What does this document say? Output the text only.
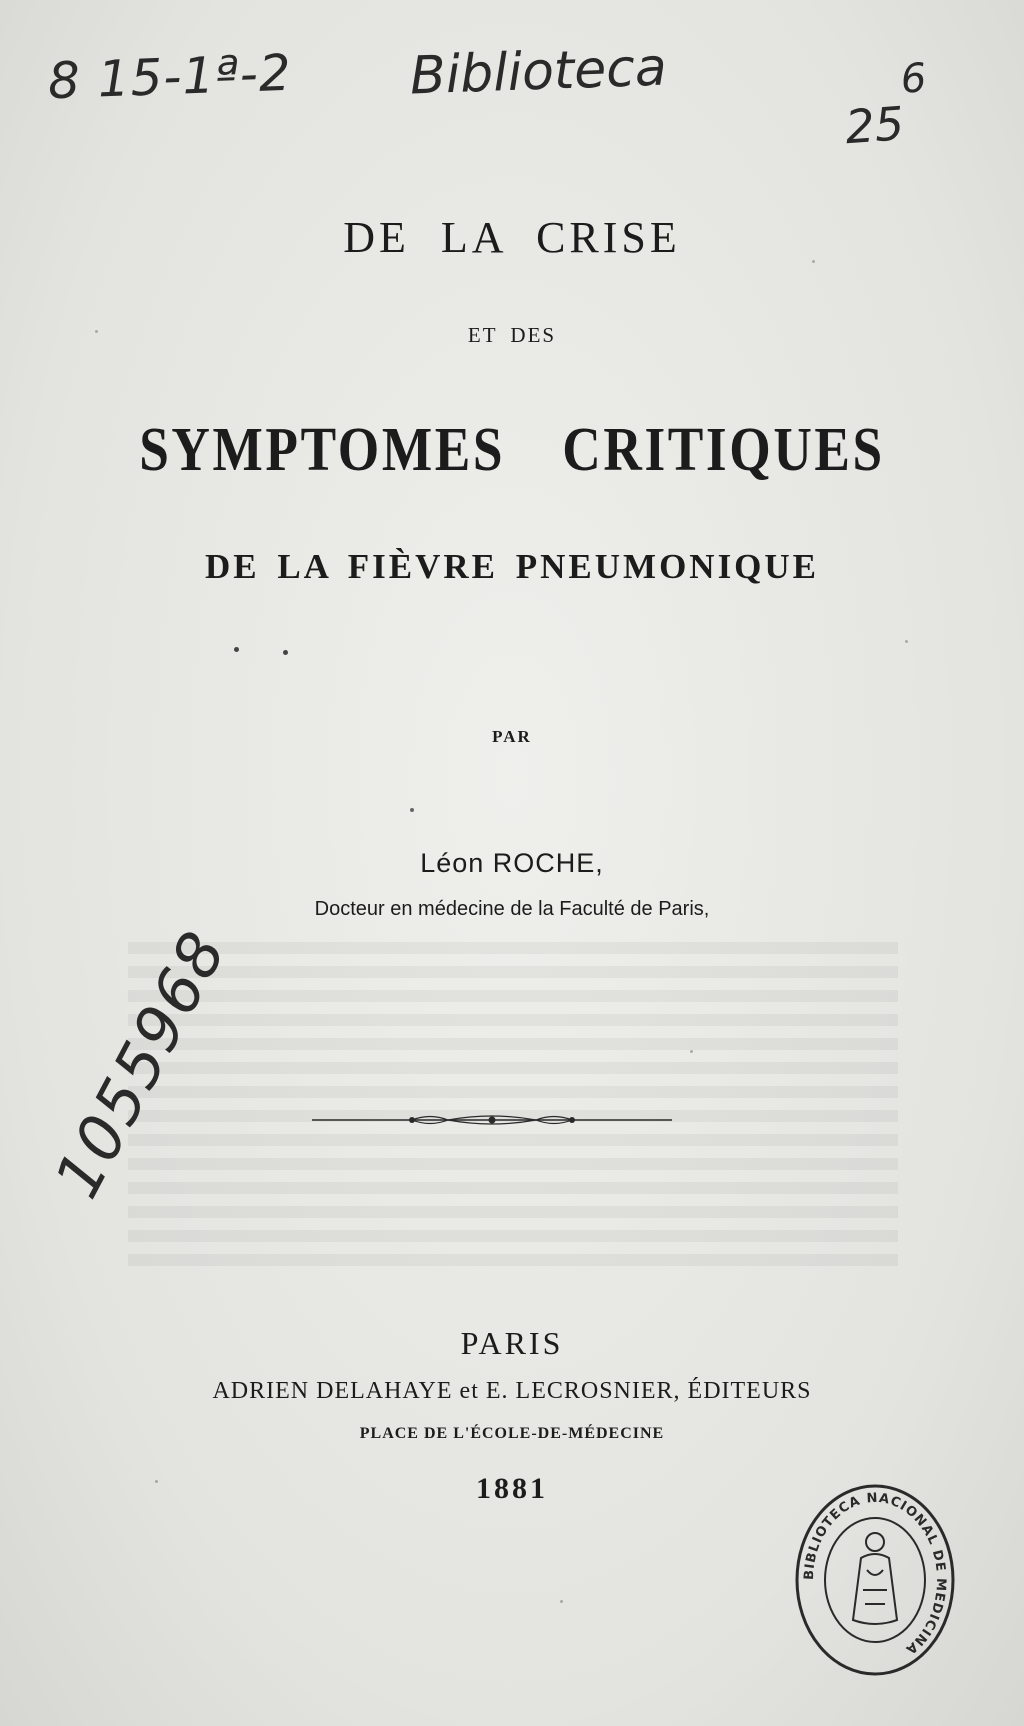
8 15-1ª-2 Biblioteca
$25^6$
1055968
DE LA CRISE
ET DES
SYMPTOMES CRITIQUES
DE LA FIÈVRE PNEUMONIQUE
PAR
Léon ROCHE,
Docteur en médecine de la Faculté de Paris,
PARIS
ADRIEN DELAHAYE et E. LECROSNIER, ÉDITEURS
PLACE DE L'ÉCOLE-DE-MÉDECINE
1881
BIBLIOTECA NACIONAL DE MEDICINA
